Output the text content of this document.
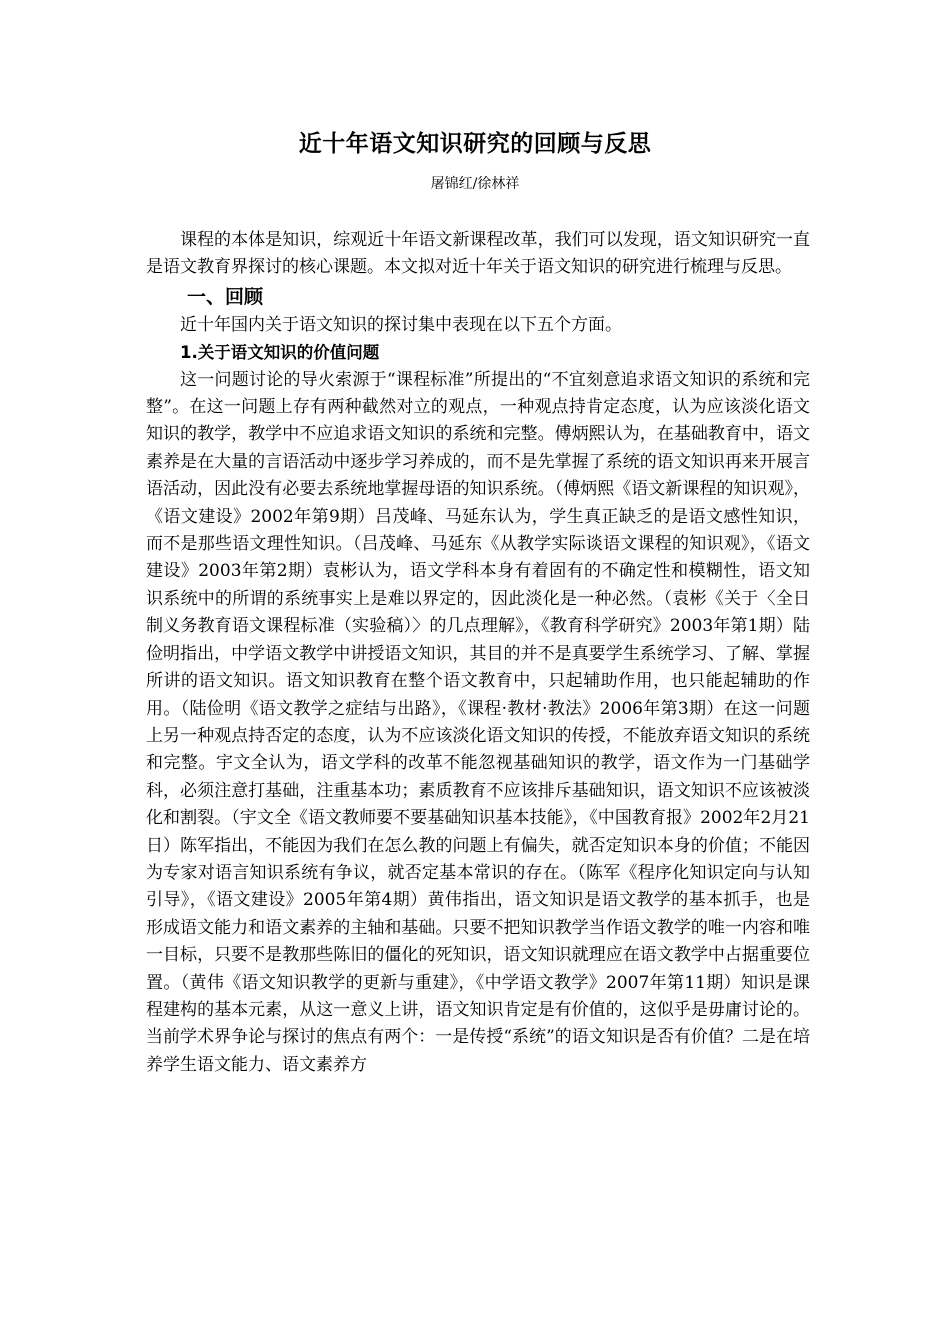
近十年语文知识研究的回顾与反思
屠锦红/徐林祥

课程的本体是知识，综观近十年语文新课程改革，我们可以发现，语文知识研究一直是语文教育界探讨的核心课题。本文拟对近十年关于语文知识的研究进行梳理与反思。

一、回顾

近十年国内关于语文知识的探讨集中表现在以下五个方面。

1.关于语文知识的价值问题

这一问题讨论的导火索源于“课程标准”所提出的“不宜刻意追求语文知识的系统和完整”。在这一问题上存有两种截然对立的观点，一种观点持肯定态度，认为应该淡化语文知识的教学，教学中不应追求语文知识的系统和完整。傅炳熙认为，在基础教育中，语文素养是在大量的言语活动中逐步学习养成的，而不是先掌握了系统的语文知识再来开展言语活动，因此没有必要去系统地掌握母语的知识系统。（傅炳熙《语文新课程的知识观》，《语文建设》2002年第9期）吕茂峰、马延东认为，学生真正缺乏的是语文感性知识，而不是那些语文理性知识。（吕茂峰、马延东《从教学实际谈语文课程的知识观》，《语文建设》2003年第2期）袁彬认为，语文学科本身有着固有的不确定性和模糊性，语文知识系统中的所谓的系统事实上是难以界定的，因此淡化是一种必然。（袁彬《关于〈全日制义务教育语文课程标准（实验稿）〉的几点理解》，《教育科学研究》2003年第1期）陆俭明指出，中学语文教学中讲授语文知识，其目的并不是真要学生系统学习、了解、掌握所讲的语文知识。语文知识教育在整个语文教育中，只起辅助作用，也只能起辅助的作用。（陆俭明《语文教学之症结与出路》，《课程·教材·教法》2006年第3期）在这一问题上另一种观点持否定的态度，认为不应该淡化语文知识的传授，不能放弃语文知识的系统和完整。宇文全认为，语文学科的改革不能忽视基础知识的教学，语文作为一门基础学科，必须注意打基础，注重基本功；素质教育不应该排斥基础知识，语文知识不应该被淡化和割裂。（宇文全《语文教师要不要基础知识基本技能》，《中国教育报》2002年2月21日）陈军指出，不能因为我们在怎么教的问题上有偏失，就否定知识本身的价值；不能因为专家对语言知识系统有争议，就否定基本常识的存在。（陈军《程序化知识定向与认知引导》，《语文建设》2005年第4期）黄伟指出，语文知识是语文教学的基本抓手，也是形成语文能力和语文素养的主轴和基础。只要不把知识教学当作语文教学的唯一内容和唯一目标，只要不是教那些陈旧的僵化的死知识，语文知识就理应在语文教学中占据重要位置。（黄伟《语文知识教学的更新与重建》，《中学语文教学》2007年第11期）知识是课程建构的基本元素，从这一意义上讲，语文知识肯定是有价值的，这似乎是毋庸讨论的。当前学术界争论与探讨的焦点有两个：一是传授“系统”的语文知识是否有价值？二是在培养学生语文能力、语文素养方
